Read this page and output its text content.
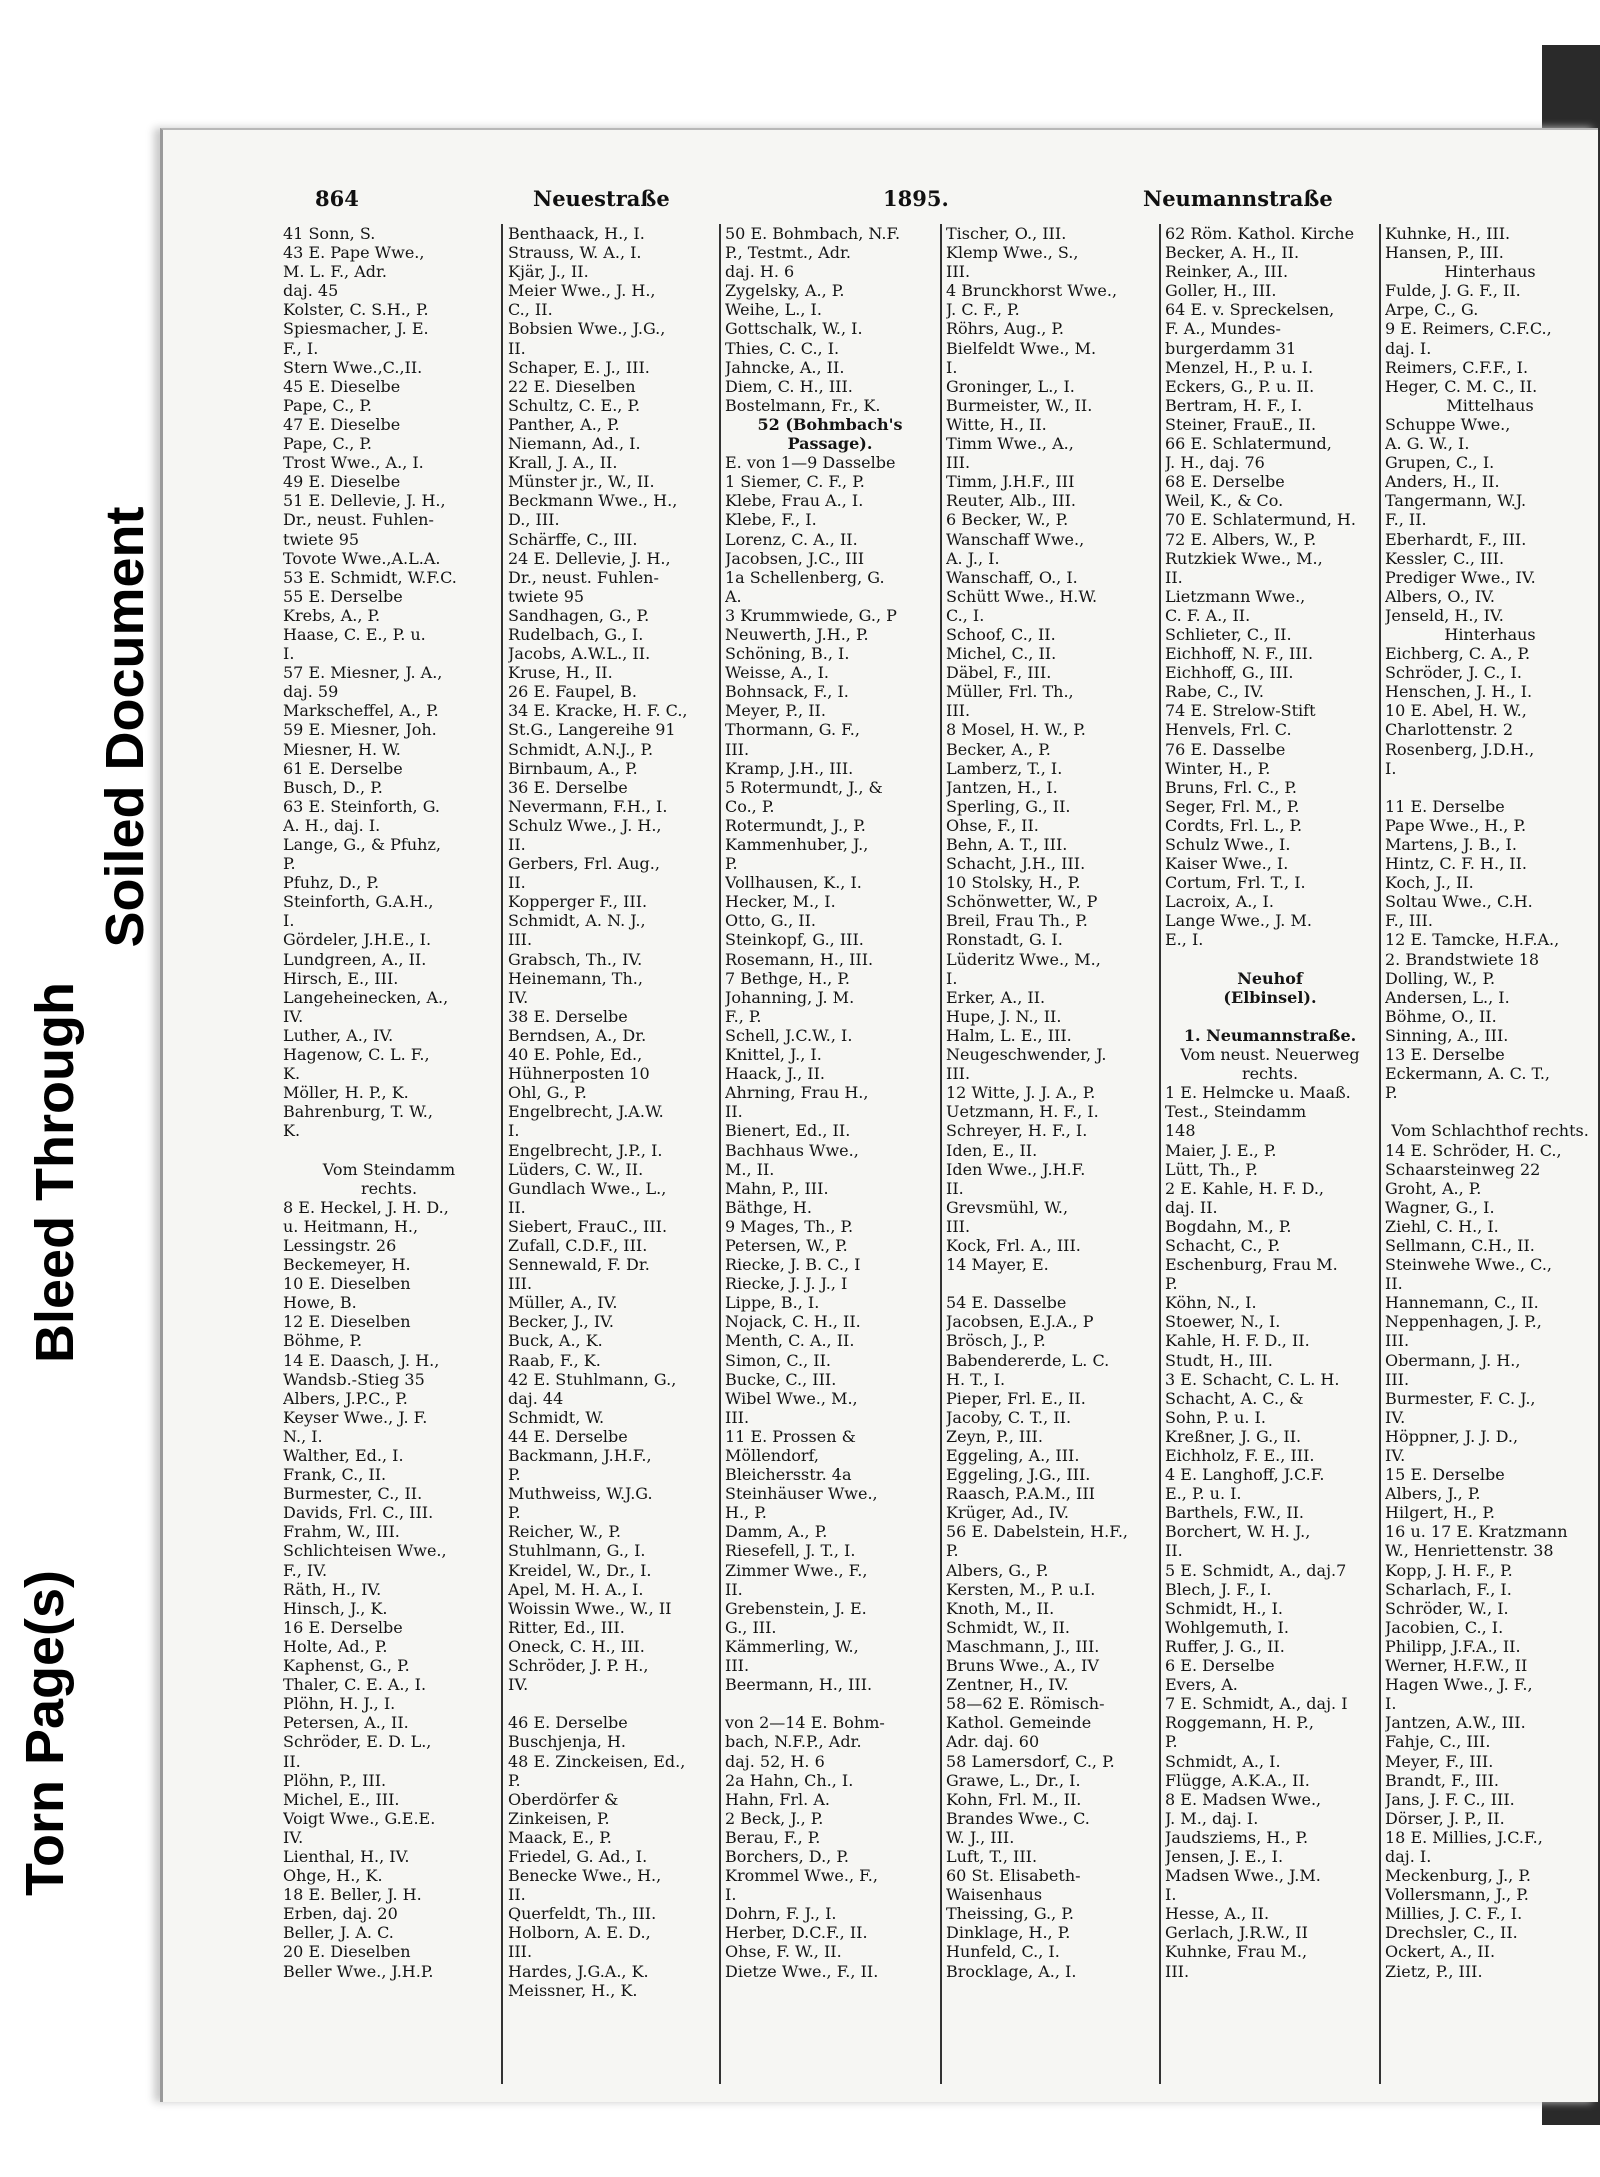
Torn Page(s)
Bleed Through
Soiled Document
864	Neuestraße	1895.	Neumannstraße
41 Sonn, S.
43 E. Pape Wwe.,
M. L. F., Adr.
daj. 45
Kolster, C. S.H., P.
Spiesmacher, J. E.
F., I.
Stern Wwe.,C.,II.
45 E. Dieselbe
Pape, C., P.
47 E. Dieselbe
Pape, C., P.
Trost Wwe., A., I.
49 E. Dieselbe
51 E. Dellevie, J. H.,
Dr., neust. Fuhlen-
twiete 95
Tovote Wwe.,A.L.A.
53 E. Schmidt, W.F.C.
55 E. Derselbe
Krebs, A., P.
Haase, C. E., P. u.
I.
57 E. Miesner, J. A.,
daj. 59
Markscheffel, A., P.
59 E. Miesner, Joh.
Miesner, H. W.
61 E. Derselbe
Busch, D., P.
63 E. Steinforth, G.
A. H., daj. I.
Lange, G., & Pfuhz,
P.
Pfuhz, D., P.
Steinforth, G.A.H.,
I.
Gördeler, J.H.E., I.
Lundgreen, A., II.
Hirsch, E., III.
Langeheinecken, A.,
IV.
Luther, A., IV.
Hagenow, C. L. F.,
K.
Möller, H. P., K.
Bahrenburg, T. W.,
K.
Vom Steindamm
rechts.
8 E. Heckel, J. H. D.,
u. Heitmann, H.,
Lessingstr. 26
Beckemeyer, H.
10 E. Dieselben
Howe, B.
12 E. Dieselben
Böhme, P.
14 E. Daasch, J. H.,
Wandsb.-Stieg 35
Albers, J.P.C., P.
Keyser Wwe., J. F.
N., I.
Walther, Ed., I.
Frank, C., II.
Burmester, C., II.
Davids, Frl. C., III.
Frahm, W., III.
Schlichteisen Wwe.,
F., IV.
Räth, H., IV.
Hinsch, J., K.
16 E. Derselbe
Holte, Ad., P.
Kaphenst, G., P.
Thaler, C. E. A., I.
Plöhn, H. J., I.
Petersen, A., II.
Schröder, E. D. L.,
II.
Plöhn, P., III.
Michel, E., III.
Voigt Wwe., G.E.E.
IV.
Lienthal, H., IV.
Ohge, H., K.
18 E. Beller, J. H.
Erben, daj. 20
Beller, J. A. C.
20 E. Dieselben
Beller Wwe., J.H.P.
Benthaack, H., I.
Strauss, W. A., I.
Kjär, J., II.
Meier Wwe., J. H.,
C., II.
Bobsien Wwe., J.G.,
II.
Schaper, E. J., III.
22 E. Dieselben
Schultz, C. E., P.
Panther, A., P.
Niemann, Ad., I.
Krall, J. A., II.
Münster jr., W., II.
Beckmann Wwe., H.,
D., III.
Schärffe, C., III.
24 E. Dellevie, J. H.,
Dr., neust. Fuhlen-
twiete 95
Sandhagen, G., P.
Rudelbach, G., I.
Jacobs, A.W.L., II.
Kruse, H., II.
26 E. Faupel, B.
34 E. Kracke, H. F. C.,
St.G., Langereihe 91
Schmidt, A.N.J., P.
Birnbaum, A., P.
36 E. Derselbe
Nevermann, F.H., I.
Schulz Wwe., J. H.,
II.
Gerbers, Frl. Aug.,
II.
Kopperger F., III.
Schmidt, A. N. J.,
III.
Grabsch, Th., IV.
Heinemann, Th.,
IV.
38 E. Derselbe
Berndsen, A., Dr.
40 E. Pohle, Ed.,
Hühnerposten 10
Ohl, G., P.
Engelbrecht, J.A.W.
I.
Engelbrecht, J.P., I.
Lüders, C. W., II.
Gundlach Wwe., L.,
II.
Siebert, FrauC., III.
Zufall, C.D.F., III.
Sennewald, F. Dr.
III.
Müller, A., IV.
Becker, J., IV.
Buck, A., K.
Raab, F., K.
42 E. Stuhlmann, G.,
daj. 44
Schmidt, W.
44 E. Derselbe
Backmann, J.H.F.,
P.
Muthweiss, W.J.G.
P.
Reicher, W., P.
Stuhlmann, G., I.
Kreidel, W., Dr., I.
Apel, M. H. A., I.
Woissin Wwe., W., II
Ritter, Ed., III.
Oneck, C. H., III.
Schröder, J. P. H.,
IV.
46 E. Derselbe
Buschjenja, H.
48 E. Zinckeisen, Ed.,
P.
Oberdörfer &
Zinkeisen, P.
Maack, E., P.
Friedel, G. Ad., I.
Benecke Wwe., H.,
II.
Querfeldt, Th., III.
Holborn, A. E. D.,
III.
Hardes, J.G.A., K.
Meissner, H., K.
50 E. Bohmbach, N.F.
P., Testmt., Adr.
daj. H. 6
Zygelsky, A., P.
Weihe, L., I.
Gottschalk, W., I.
Thies, C. C., I.
Jahncke, A., II.
Diem, C. H., III.
Bostelmann, Fr., K.
52 (Bohmbach's
Passage).
E. von 1—9 Dasselbe
1 Siemer, C. F., P.
Klebe, Frau A., I.
Klebe, F., I.
Lorenz, C. A., II.
Jacobsen, J.C., III
1a Schellenberg, G.
A.
3 Krummwiede, G., P
Neuwerth, J.H., P.
Schöning, B., I.
Weisse, A., I.
Bohnsack, F., I.
Meyer, P., II.
Thormann, G. F.,
III.
Kramp, J.H., III.
5 Rotermundt, J., &
Co., P.
Rotermundt, J., P.
Kammenhuber, J.,
P.
Vollhausen, K., I.
Hecker, M., I.
Otto, G., II.
Steinkopf, G., III.
Rosemann, H., III.
7 Bethge, H., P.
Johanning, J. M.
F., P.
Schell, J.C.W., I.
Knittel, J., I.
Haack, J., II.
Ahrning, Frau H.,
II.
Bienert, Ed., II.
Bachhaus Wwe.,
M., II.
Mahn, P., III.
Bäthge, H.
9 Mages, Th., P.
Petersen, W., P.
Riecke, J. B. C., I
Riecke, J. J. J., I
Lippe, B., I.
Nojack, C. H., II.
Menth, C. A., II.
Simon, C., II.
Bucke, C., III.
Wibel Wwe., M.,
III.
11 E. Prossen &
Möllendorf,
Bleichersstr. 4a
Steinhäuser Wwe.,
H., P.
Damm, A., P.
Riesefell, J. T., I.
Zimmer Wwe., F.,
II.
Grebenstein, J. E.
G., III.
Kämmerling, W.,
III.
Beermann, H., III.
von 2—14 E. Bohm-
bach, N.F.P., Adr.
daj. 52, H. 6
2a Hahn, Ch., I.
Hahn, Frl. A.
2 Beck, J., P.
Berau, F., P.
Borchers, D., P.
Krommel Wwe., F.,
I.
Dohrn, F. J., I.
Herber, D.C.F., II.
Ohse, F. W., II.
Dietze Wwe., F., II.
Tischer, O., III.
Klemp Wwe., S.,
III.
4 Brunckhorst Wwe.,
J. C. F., P.
Röhrs, Aug., P.
Bielfeldt Wwe., M.
I.
Groninger, L., I.
Burmeister, W., II.
Witte, H., II.
Timm Wwe., A.,
III.
Timm, J.H.F., III
Reuter, Alb., III.
6 Becker, W., P.
Wanschaff Wwe.,
A. J., I.
Wanschaff, O., I.
Schütt Wwe., H.W.
C., I.
Schoof, C., II.
Michel, C., II.
Däbel, F., III.
Müller, Frl. Th.,
III.
8 Mosel, H. W., P.
Becker, A., P.
Lamberz, T., I.
Jantzen, H., I.
Sperling, G., II.
Ohse, F., II.
Behn, A. T., III.
Schacht, J.H., III.
10 Stolsky, H., P.
Schönwetter, W., P
Breil, Frau Th., P.
Ronstadt, G. I.
Lüderitz Wwe., M.,
I.
Erker, A., II.
Hupe, J. N., II.
Halm, L. E., III.
Neugeschwender, J.
III.
12 Witte, J. J. A., P.
Uetzmann, H. F., I.
Schreyer, H. F., I.
Iden, E., II.
Iden Wwe., J.H.F.
II.
Grevsmühl, W.,
III.
Kock, Frl. A., III.
14 Mayer, E.
54 E. Dasselbe
Jacobsen, E.J.A., P
Brösch, J., P.
Babendererde, L. C.
H. T., I.
Pieper, Frl. E., II.
Jacoby, C. T., II.
Zeyn, P., III.
Eggeling, A., III.
Eggeling, J.G., III.
Raasch, P.A.M., III
Krüger, Ad., IV.
56 E. Dabelstein, H.F.,
P.
Albers, G., P.
Kersten, M., P. u.I.
Knoth, M., II.
Schmidt, W., II.
Maschmann, J., III.
Bruns Wwe., A., IV
Zentner, H., IV.
58—62 E. Römisch-
Kathol. Gemeinde
Adr. daj. 60
58 Lamersdorf, C., P.
Grawe, L., Dr., I.
Kohn, Frl. M., II.
Brandes Wwe., C.
W. J., III.
Luft, T., III.
60 St. Elisabeth-
Waisenhaus
Theissing, G., P.
Dinklage, H., P.
Hunfeld, C., I.
Brocklage, A., I.
62 Röm. Kathol. Kirche
Becker, A. H., II.
Reinker, A., III.
Goller, H., III.
64 E. v. Spreckelsen,
F. A., Mundes-
burgerdamm 31
Menzel, H., P. u. I.
Eckers, G., P. u. II.
Bertram, H. F., I.
Steiner, FrauE., II.
66 E. Schlatermund,
J. H., daj. 76
68 E. Derselbe
Weil, K., & Co.
70 E. Schlatermund, H.
72 E. Albers, W., P.
Rutzkiek Wwe., M.,
II.
Lietzmann Wwe.,
C. F. A., II.
Schlieter, C., II.
Eichhoff, N. F., III.
Eichhoff, G., III.
Rabe, C., IV.
74 E. Strelow-Stift
Henvels, Frl. C.
76 E. Dasselbe
Winter, H., P.
Bruns, Frl. C., P.
Seger, Frl. M., P.
Cordts, Frl. L., P.
Schulz Wwe., I.
Kaiser Wwe., I.
Cortum, Frl. T., I.
Lacroix, A., I.
Lange Wwe., J. M.
E., I.
Neuhof
(Elbinsel).
1. Neumannstraße.
Vom neust. Neuerweg
rechts.
1 E. Helmcke u. Maaß.
Test., Steindamm
148
Maier, J. E., P.
Lütt, Th., P.
2 E. Kahle, H. F. D.,
daj. II.
Bogdahn, M., P.
Schacht, C., P.
Eschenburg, Frau M.
P.
Köhn, N., I.
Stoewer, N., I.
Kahle, H. F. D., II.
Studt, H., III.
3 E. Schacht, C. L. H.
Schacht, A. C., &
Sohn, P. u. I.
Kreßner, J. G., II.
Eichholz, F. E., III.
4 E. Langhoff, J.C.F.
E., P. u. I.
Barthels, F.W., II.
Borchert, W. H. J.,
II.
5 E. Schmidt, A., daj.7
Blech, J. F., I.
Schmidt, H., I.
Wohlgemuth, I.
Ruffer, J. G., II.
6 E. Derselbe
Evers, A.
7 E. Schmidt, A., daj. I
Roggemann, H. P.,
P.
Schmidt, A., I.
Flügge, A.K.A., II.
8 E. Madsen Wwe.,
J. M., daj. I.
Jaudsziems, H., P.
Jensen, J. E., I.
Madsen Wwe., J.M.
I.
Hesse, A., II.
Gerlach, J.R.W., II
Kuhnke, Frau M.,
III.
Kuhnke, H., III.
Hansen, P., III.
Hinterhaus
Fulde, J. G. F., II.
Arpe, C., G.
9 E. Reimers, C.F.C.,
daj. I.
Reimers, C.F.F., I.
Heger, C. M. C., II.
Mittelhaus
Schuppe Wwe.,
A. G. W., I.
Grupen, C., I.
Anders, H., II.
Tangermann, W.J.
F., II.
Eberhardt, F., III.
Kessler, C., III.
Prediger Wwe., IV.
Albers, O., IV.
Jenseld, H., IV.
Hinterhaus
Eichberg, C. A., P.
Schröder, J. C., I.
Henschen, J. H., I.
10 E. Abel, H. W.,
Charlottenstr. 2
Rosenberg, J.D.H.,
I.
11 E. Derselbe
Pape Wwe., H., P.
Martens, J. B., I.
Hintz, C. F. H., II.
Koch, J., II.
Soltau Wwe., C.H.
F., III.
12 E. Tamcke, H.F.A.,
2. Brandstwiete 18
Dolling, W., P.
Andersen, L., I.
Böhme, O., II.
Sinning, A., III.
13 E. Derselbe
Eckermann, A. C. T.,
P.
Vom Schlachthof rechts.
14 E. Schröder, H. C.,
Schaarsteinweg 22
Groht, A., P.
Wagner, G., I.
Ziehl, C. H., I.
Sellmann, C.H., II.
Steinwehe Wwe., C.,
II.
Hannemann, C., II.
Neppenhagen, J. P.,
III.
Obermann, J. H.,
III.
Burmester, F. C. J.,
IV.
Höppner, J. J. D.,
IV.
15 E. Derselbe
Albers, J., P.
Hilgert, H., P.
16 u. 17 E. Kratzmann
W., Henriettenstr. 38
Kopp, J. H. F., P.
Scharlach, F., I.
Schröder, W., I.
Jacobien, C., I.
Philipp, J.F.A., II.
Werner, H.F.W., II
Hagen Wwe., J. F.,
I.
Jantzen, A.W., III.
Fahje, C., III.
Meyer, F., III.
Brandt, F., III.
Jans, J. F. C., III.
Dörser, J. P., II.
18 E. Millies, J.C.F.,
daj. I.
Meckenburg, J., P.
Vollersmann, J., P.
Millies, J. C. F., I.
Drechsler, C., II.
Ockert, A., II.
Zietz, P., III.
